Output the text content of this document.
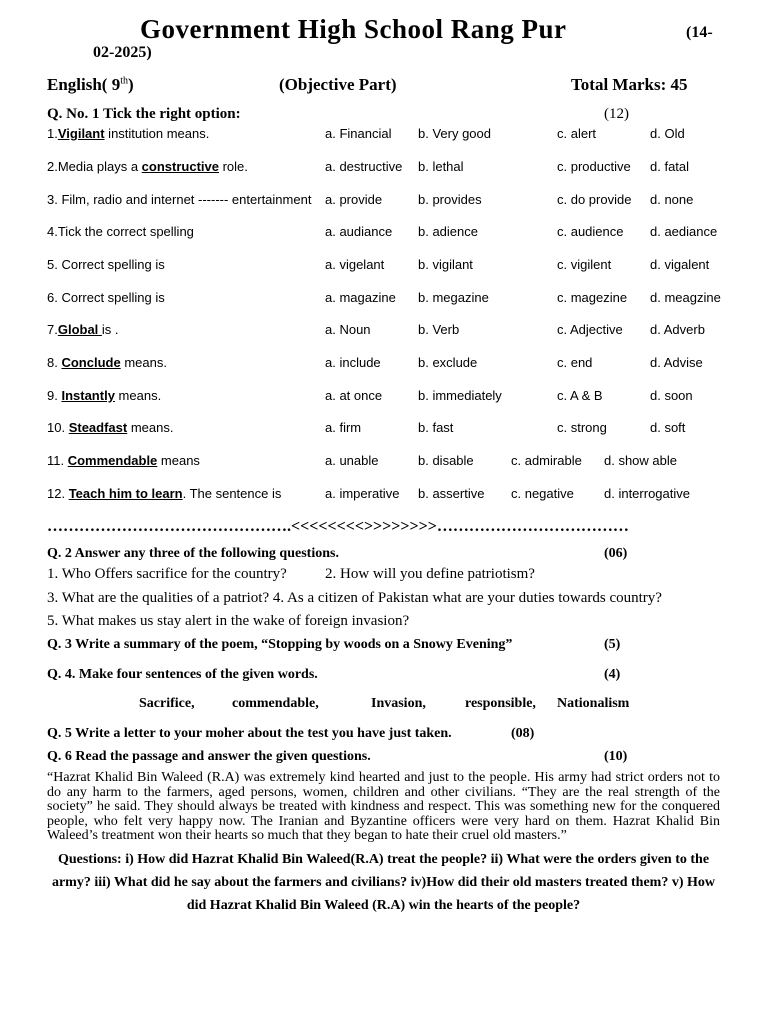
Government High School Rang Pur	(14-
02-2025)
English( 9th)	(Objective Part)	Total Marks: 45
Q. No. 1 Tick the right option:	(12)
1.Vigilant institution means.	a. Financial b. Very good	c. alert	d. Old
2.Media plays a constructive role.	a. destructive b. lethal	c. productive d. fatal
3. Film, radio and internet ------- entertainment a. provide	b. provides	c. do provide d. none
4.Tick the correct spelling	a. audiance b. adience	c. audience d. aediance
5. Correct spelling is	a. vigelant	b. vigilant	c. vigilent	d. vigalent
6. Correct spelling is	a. magazine b. megazine	c. magezine d. meagzine
7.Global is .	a. Noun	b. Verb	c. Adjective d. Adverb
8. Conclude means.	a. include	b. exclude	c. end	d. Advise
9. Instantly means.	a. at once	b. immediately	c. A & B	d. soon
10. Steadfast means.	a. firm	b. fast	c. strong	d. soft
11. Commendable means	a. unable	b. disable	c. admirable d. show able
12. Teach him to learn. The sentence is	a. imperative b. assertive c. negative d. interrogative
……………………………………….<<<<<<<<>>>>>>>>………………………………
Q. 2 Answer any three of the following questions.	(06)
1. Who Offers sacrifice for the country?	2. How will you define patriotism?
3. What are the qualities of a patriot? 4. As a citizen of Pakistan what are your duties towards country?
5. What makes us stay alert in the wake of foreign invasion?
Q. 3 Write a summary of the poem, “Stopping by woods on a Snowy Evening”	(5)
Q. 4. Make four sentences of the given words.	(4)
Sacrifice,	commendable,	Invasion,	responsible, Nationalism
Q. 5 Write a letter to your moher about the test you have just taken.	(08)
Q. 6 Read the passage and answer the given questions.	(10)
“Hazrat Khalid Bin Waleed (R.A) was extremely kind hearted and just to the people. His army had strict orders not to do any harm to the farmers, aged persons, women, children and other civilians. “They are the real strength of the society” he said. They should always be treated with kindness and respect. This was something new for the conquered people, who felt very happy now. The Iranian and Byzantine officers were very hard on them. Hazrat Khalid Bin Waleed’s treatment won their hearts so much that they began to hate their cruel old masters.”
Questions: i) How did Hazrat Khalid Bin Waleed(R.A) treat the people? ii) What were the orders given to the army? iii) What did he say about the farmers and civilians? iv)How did their old masters treated them? v) How did Hazrat Khalid Bin Waleed (R.A) win the hearts of the people?
